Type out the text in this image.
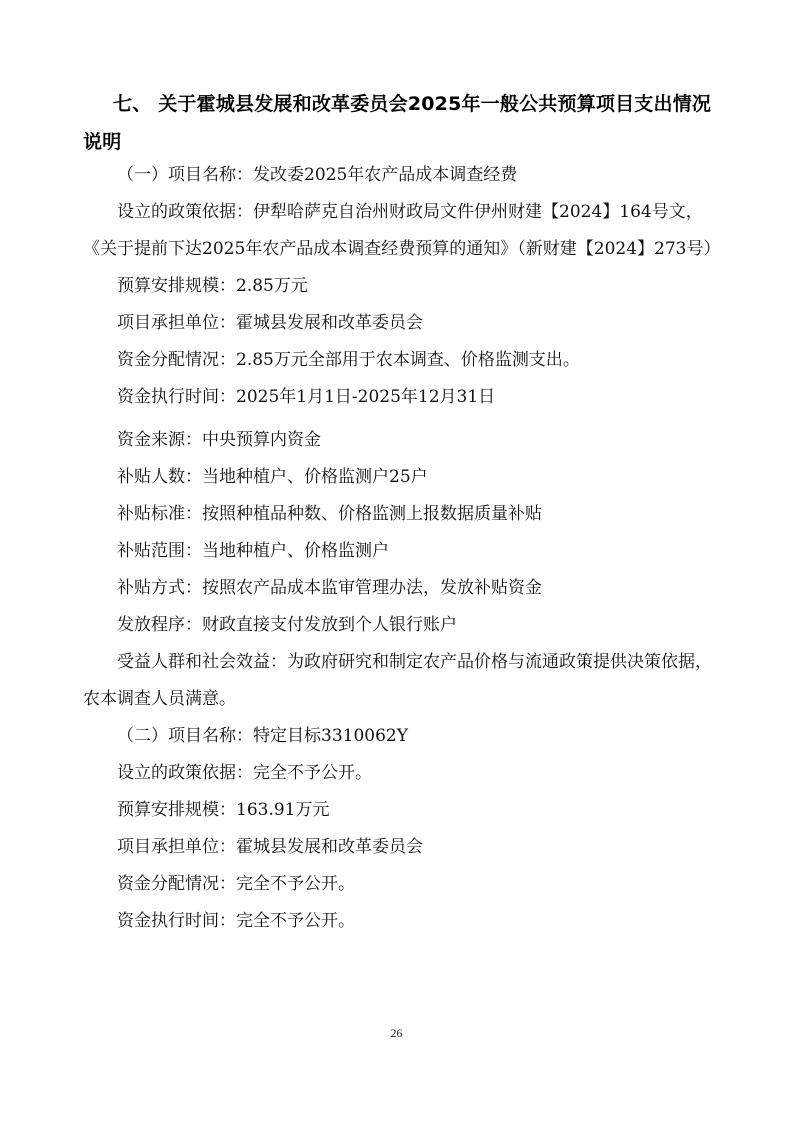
七、 关于霍城县发展和改革委员会2025年一般公共预算项目支出情况说明

（一）项目名称：发改委2025年农产品成本调查经费

设立的政策依据：伊犁哈萨克自治州财政局文件伊州财建【2024】164号文，《关于提前下达2025年农产品成本调查经费预算的通知》（新财建【2024】273号）

预算安排规模：2.85万元

项目承担单位：霍城县发展和改革委员会

资金分配情况：2.85万元全部用于农本调查、价格监测支出。

资金执行时间：2025年1月1日-2025年12月31日

资金来源：中央预算内资金

补贴人数：当地种植户、价格监测户25户

补贴标准：按照种植品种数、价格监测上报数据质量补贴

补贴范围：当地种植户、价格监测户

补贴方式：按照农产品成本监审管理办法，发放补贴资金

发放程序：财政直接支付发放到个人银行账户

受益人群和社会效益：为政府研究和制定农产品价格与流通政策提供决策依据，农本调查人员满意。

（二）项目名称：特定目标3310062Y

设立的政策依据：完全不予公开。

预算安排规模：163.91万元

项目承担单位：霍城县发展和改革委员会

资金分配情况：完全不予公开。

资金执行时间：完全不予公开。

26
